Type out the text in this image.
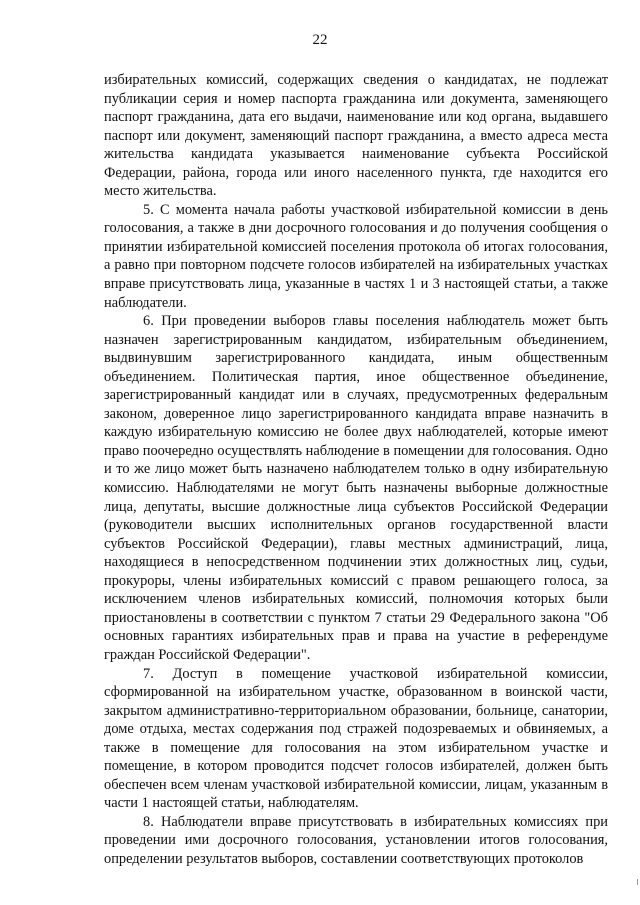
22

избирательных комиссий, содержащих сведения о кандидатах, не подлежат публикации серия и номер паспорта гражданина или документа, заменяющего паспорт гражданина, дата его выдачи, наименование или код органа, выдавшего паспорт или документ, заменяющий паспорт гражданина, а вместо адреса места жительства кандидата указывается наименование субъекта Российской Федерации, района, города или иного населенного пункта, где находится его место жительства.

5. С момента начала работы участковой избирательной комиссии в день голосования, а также в дни досрочного голосования и до получения сообщения о принятии избирательной комиссией поселения протокола об итогах голосования, а равно при повторном подсчете голосов избирателей на избирательных участках вправе присутствовать лица, указанные в частях 1 и 3 настоящей статьи, а также наблюдатели.

6. При проведении выборов главы поселения наблюдатель может быть назначен зарегистрированным кандидатом, избирательным объединением, выдвинувшим зарегистрированного кандидата, иным общественным объединением. Политическая партия, иное общественное объединение, зарегистрированный кандидат или в случаях, предусмотренных федеральным законом, доверенное лицо зарегистрированного кандидата вправе назначить в каждую избирательную комиссию не более двух наблюдателей, которые имеют право поочередно осуществлять наблюдение в помещении для голосования. Одно и то же лицо может быть назначено наблюдателем только в одну избирательную комиссию. Наблюдателями не могут быть назначены выборные должностные лица, депутаты, высшие должностные лица субъектов Российской Федерации (руководители высших исполнительных органов государственной власти субъектов Российской Федерации), главы местных администраций, лица, находящиеся в непосредственном подчинении этих должностных лиц, судьи, прокуроры, члены избирательных комиссий с правом решающего голоса, за исключением членов избирательных комиссий, полномочия которых были приостановлены в соответствии с пунктом 7 статьи 29 Федерального закона "Об основных гарантиях избирательных прав и права на участие в референдуме граждан Российской Федерации".

7. Доступ в помещение участковой избирательной комиссии, сформированной на избирательном участке, образованном в воинской части, закрытом административно-территориальном образовании, больнице, санатории, доме отдыха, местах содержания под стражей подозреваемых и обвиняемых, а также в помещение для голосования на этом избирательном участке и помещение, в котором проводится подсчет голосов избирателей, должен быть обеспечен всем членам участковой избирательной комиссии, лицам, указанным в части 1 настоящей статьи, наблюдателям.

8. Наблюдатели вправе присутствовать в избирательных комиссиях при проведении ими досрочного голосования, установлении итогов голосования, определении результатов выборов, составлении соответствующих протоколов
